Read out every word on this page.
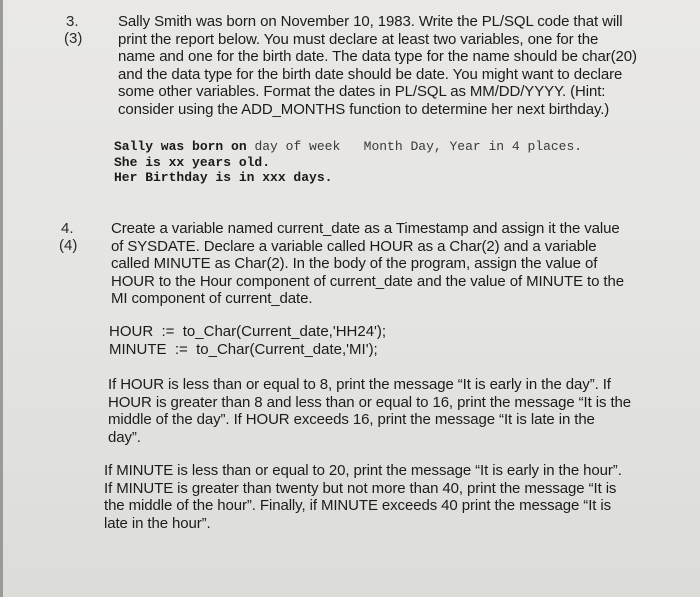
3.
(3)
Sally Smith was born on November 10, 1983. Write the PL/SQL code that will
print the report below. You must declare at least two variables, one for the
name and one for the birth date. The data type for the name should be char(20)
and the data type for the birth date should be date. You might want to declare
some other variables. Format the dates in PL/SQL as MM/DD/YYYY. (Hint:
consider using the ADD_MONTHS function to determine her next birthday.)
Sally was born on day of week   Month Day, Year in 4 places.
She is xx years old.
Her Birthday is in xxx days.
4.
(4)
Create a variable named current_date as a Timestamp and assign it the value
of SYSDATE. Declare a variable called HOUR as a Char(2) and a variable
called MINUTE as Char(2). In the body of the program, assign the value of
HOUR to the Hour component of current_date and the value of MINUTE to the
MI component of current_date.
HOUR  :=  to_Char(Current_date,'HH24');
MINUTE  :=  to_Char(Current_date,'MI');
If HOUR is less than or equal to 8, print the message “It is early in the day”. If
HOUR is greater than 8 and less than or equal to 16, print the message “It is the
middle of the day”. If HOUR exceeds 16, print the message “It is late in the
day”.
If MINUTE is less than or equal to 20, print the message “It is early in the hour”.
If MINUTE is greater than twenty but not more than 40, print the message “It is
the middle of the hour”. Finally, if MINUTE exceeds 40 print the message “It is
late in the hour”.
